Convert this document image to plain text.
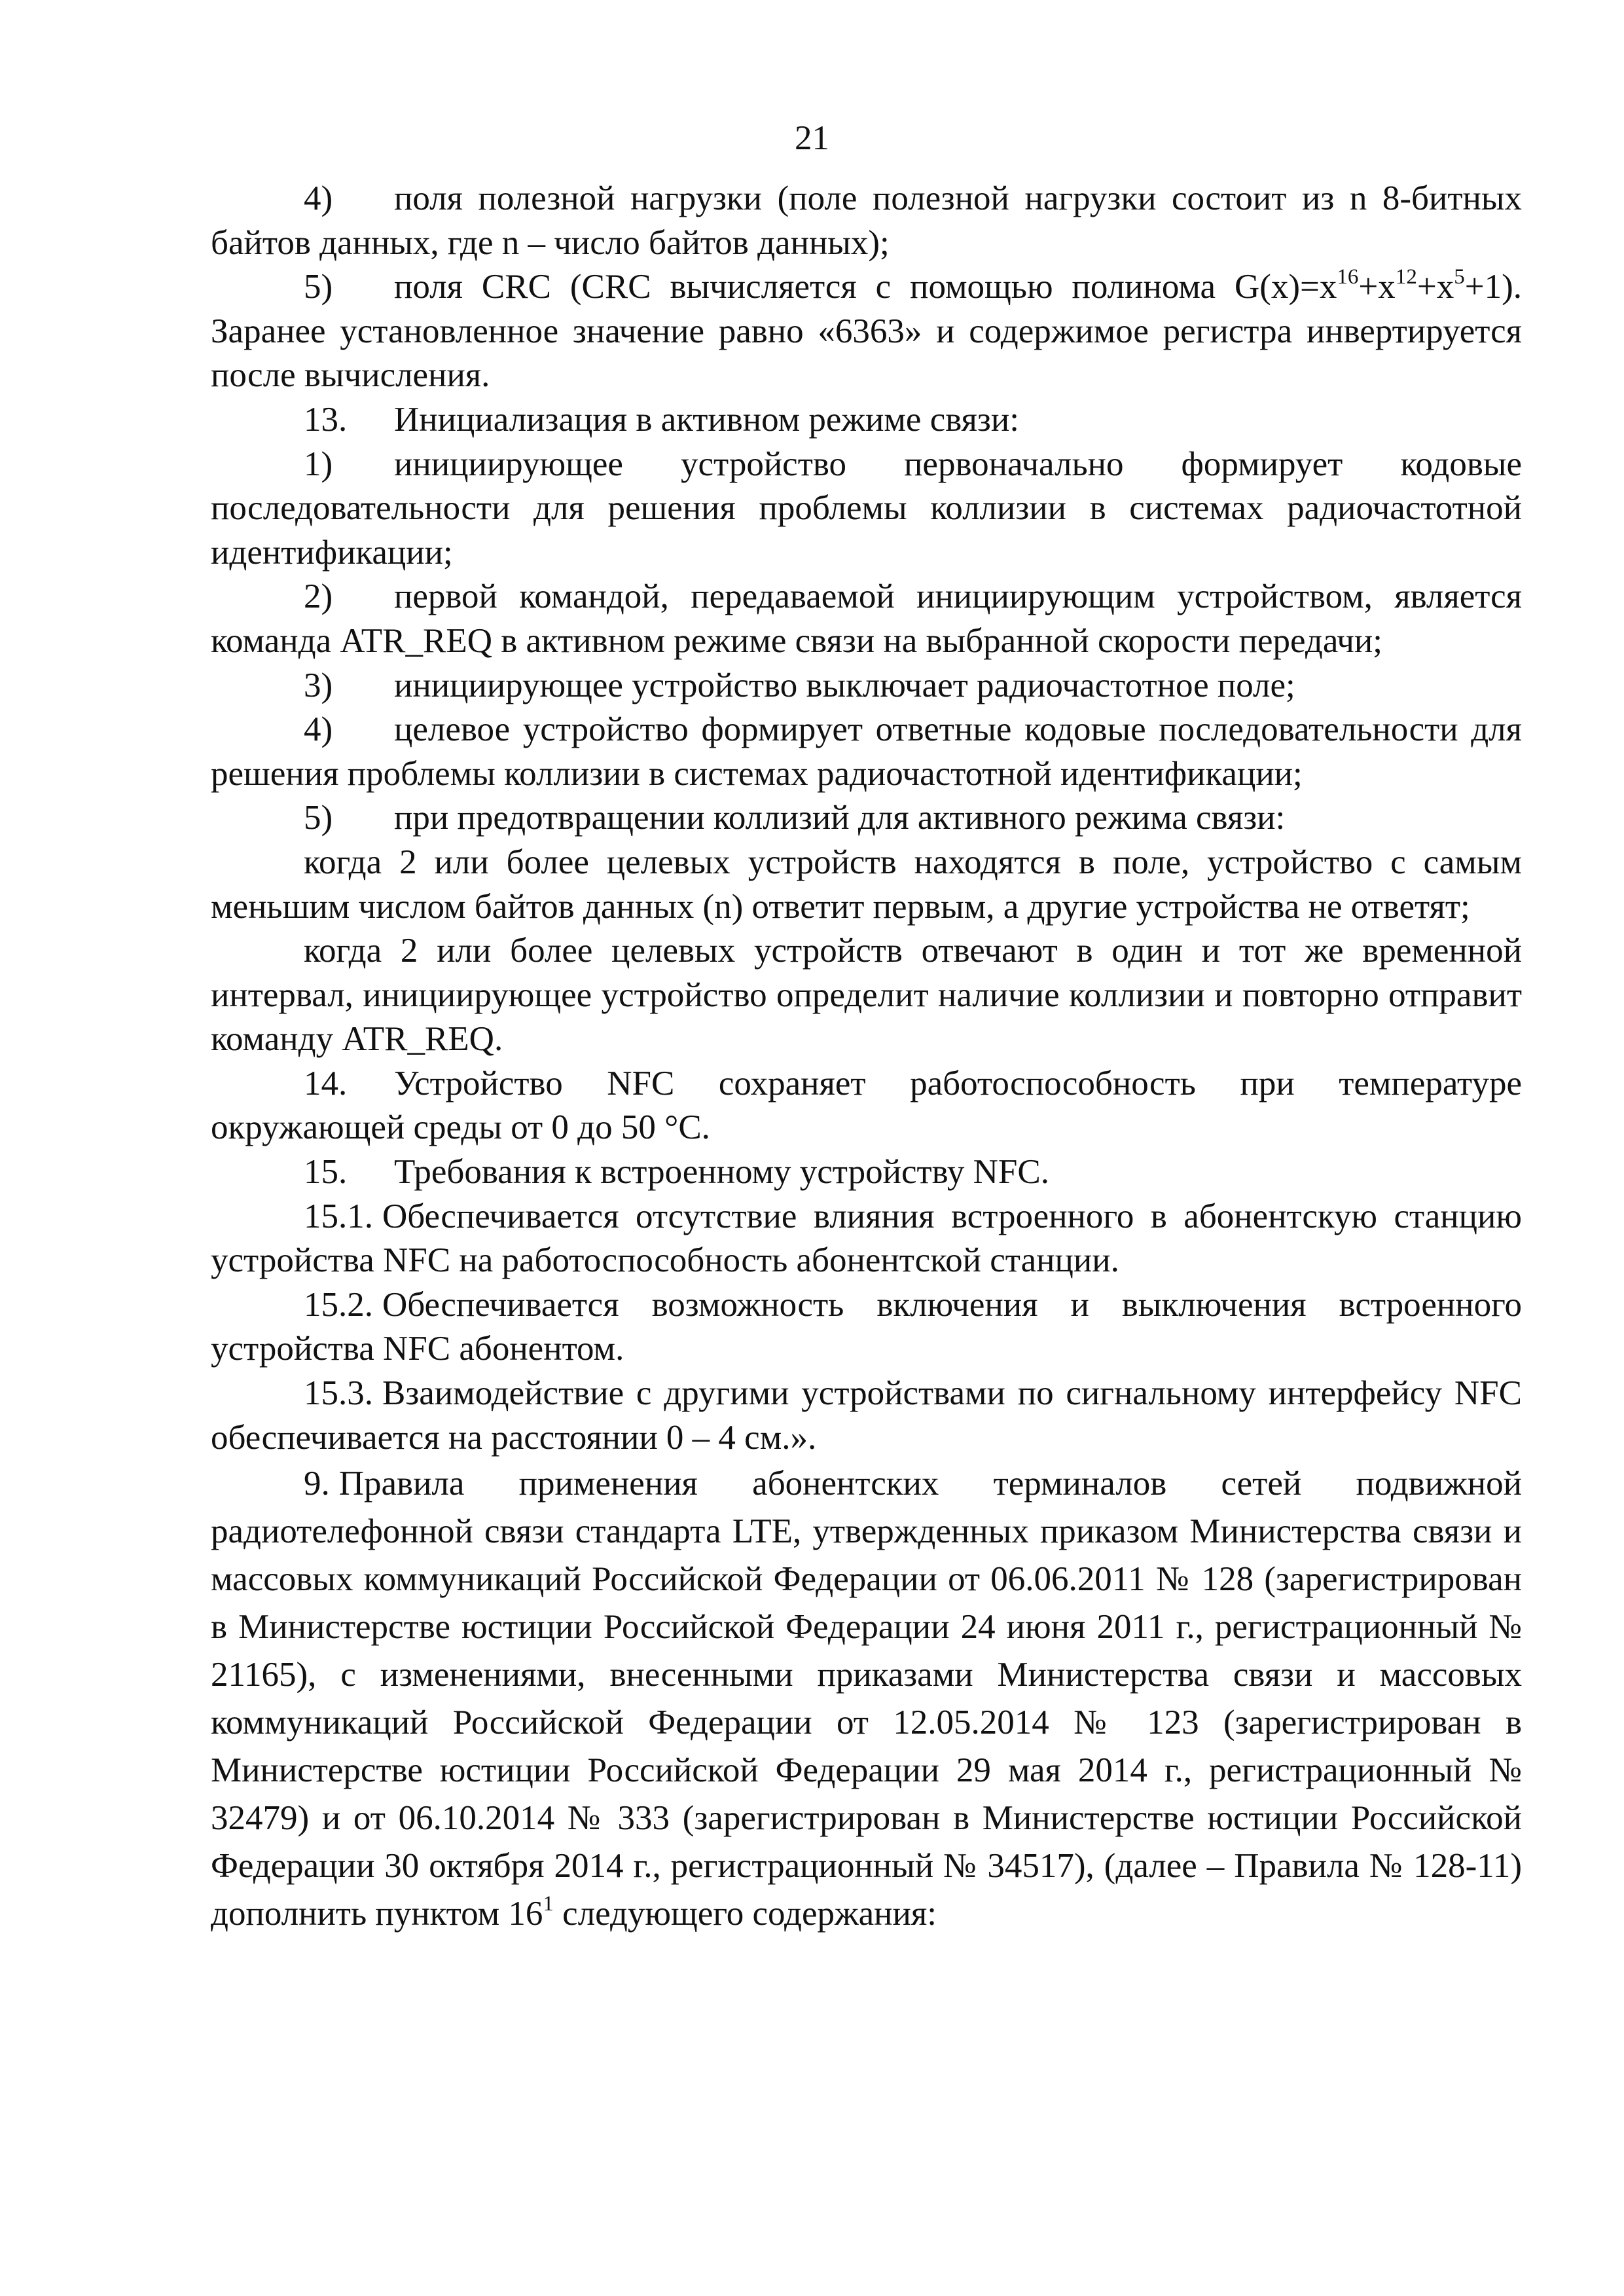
21

4) поля полезной нагрузки (поле полезной нагрузки состоит из n 8-битных байтов данных, где n – число байтов данных);

5) поля CRC (CRC вычисляется с помощью полинома $G(x)=x^{16}+x^{12}+x^5+1$). Заранее установленное значение равно «6363» и содержимое регистра инвертируется после вычисления.

13. Инициализация в активном режиме связи:

1) инициирующее устройство первоначально формирует кодовые последовательности для решения проблемы коллизии в системах радиочастотной идентификации;

2) первой командой, передаваемой инициирующим устройством, является команда ATR_REQ в активном режиме связи на выбранной скорости передачи;

3) инициирующее устройство выключает радиочастотное поле;

4) целевое устройство формирует ответные кодовые последовательности для решения проблемы коллизии в системах радиочастотной идентификации;

5) при предотвращении коллизий для активного режима связи:

когда 2 или более целевых устройств находятся в поле, устройство с самым меньшим числом байтов данных (n) ответит первым, а другие устройства не ответят;

когда 2 или более целевых устройств отвечают в один и тот же временной интервал, инициирующее устройство определит наличие коллизии и повторно отправит команду ATR_REQ.

14. Устройство NFC сохраняет работоспособность при температуре окружающей среды от 0 до 50 °C.

15. Требования к встроенному устройству NFC.

15.1. Обеспечивается отсутствие влияния встроенного в абонентскую станцию устройства NFC на работоспособность абонентской станции.

15.2. Обеспечивается возможность включения и выключения встроенного устройства NFC абонентом.

15.3. Взаимодействие с другими устройствами по сигнальному интерфейсу NFC обеспечивается на расстоянии 0 – 4 см.».

9. Правила применения абонентских терминалов сетей подвижной радиотелефонной связи стандарта LTE, утвержденных приказом Министерства связи и массовых коммуникаций Российской Федерации от 06.06.2011 № 128 (зарегистрирован в Министерстве юстиции Российской Федерации 24 июня 2011 г., регистрационный № 21165), с изменениями, внесенными приказами Министерства связи и массовых коммуникаций Российской Федерации от 12.05.2014 № 123 (зарегистрирован в Министерстве юстиции Российской Федерации 29 мая 2014 г., регистрационный № 32479) и от 06.10.2014 № 333 (зарегистрирован в Министерстве юстиции Российской Федерации 30 октября 2014 г., регистрационный № 34517), (далее – Правила № 128-11) дополнить пунктом $16^1$ следующего содержания:
